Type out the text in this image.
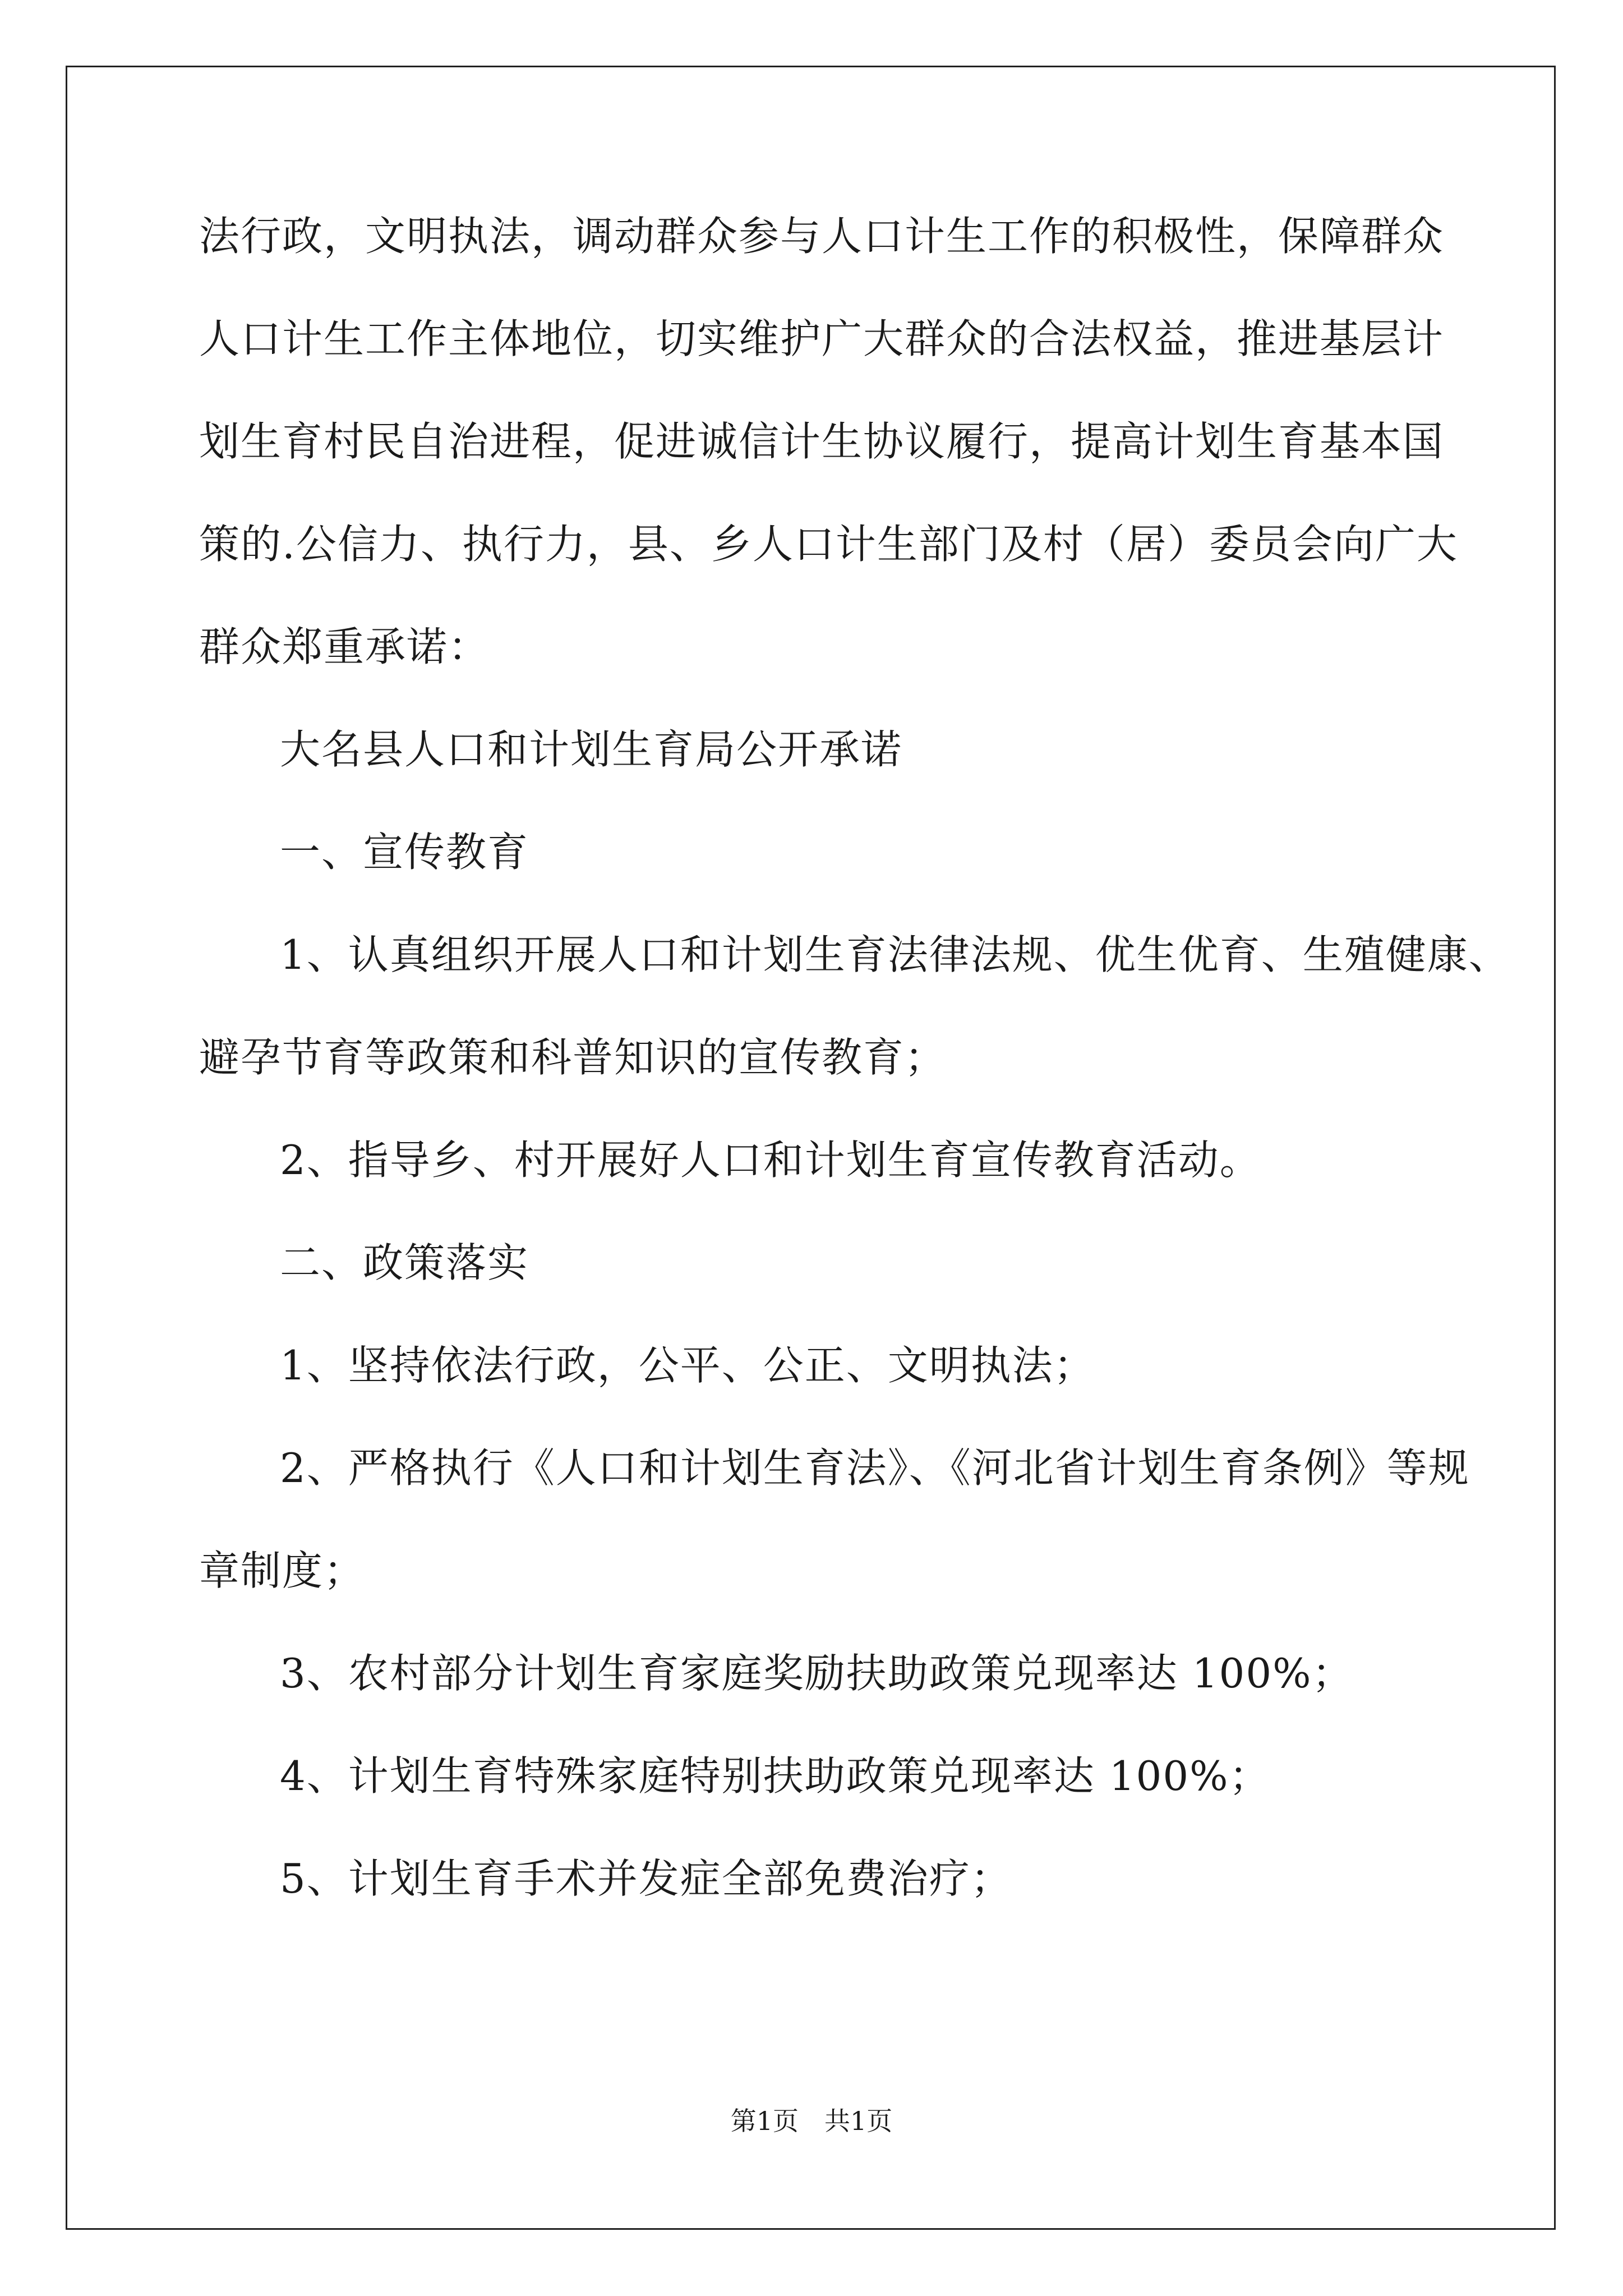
法行政，文明执法，调动群众参与人口计生工作的积极性，保障群众
人口计生工作主体地位，切实维护广大群众的合法权益，推进基层计
划生育村民自治进程，促进诚信计生协议履行，提高计划生育基本国
策的.公信力、执行力，县、乡人口计生部门及村（居）委员会向广大
群众郑重承诺：
大名县人口和计划生育局公开承诺
一、宣传教育
1、认真组织开展人口和计划生育法律法规、优生优育、生殖健康、
避孕节育等政策和科普知识的宣传教育；
2、指导乡、村开展好人口和计划生育宣传教育活动。
二、政策落实
1、坚持依法行政，公平、公正、文明执法；
2、严格执行《人口和计划生育法》、《河北省计划生育条例》等规
章制度；
3、农村部分计划生育家庭奖励扶助政策兑现率达 100%；
4、计划生育特殊家庭特别扶助政策兑现率达 100%；
5、计划生育手术并发症全部免费治疗；
第1页 共1页
